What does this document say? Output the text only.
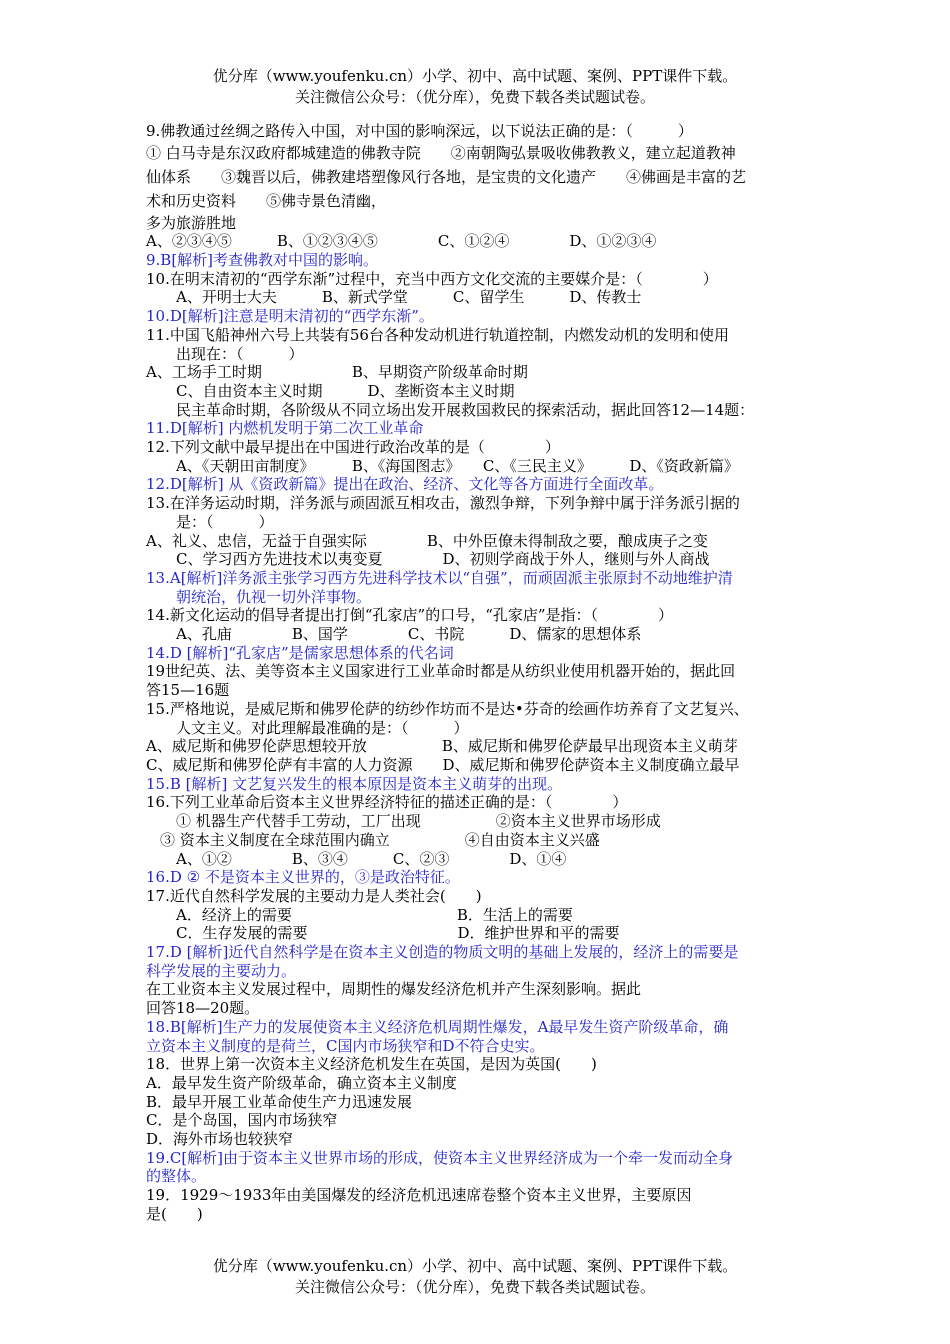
优分库（www.youfenku.cn）小学、初中、高中试题、案例、PPT课件下载。
关注微信公众号：（优分库），免费下载各类试题试卷。
9.佛教通过丝绸之路传入中国，对中国的影响深远，以下说法正确的是：（　　　）
① 白马寺是东汉政府都城建造的佛教寺院　　②南朝陶弘景吸收佛教教义，建立起道教神
仙体系　　③魏晋以后，佛教建塔塑像风行各地，是宝贵的文化遗产　　④佛画是丰富的艺
术和历史资料　　⑤佛寺景色清幽，
多为旅游胜地
A、②③④⑤　　　B、①②③④⑤　　　　C、①②④　　　　D、①②③④
9.B[解析]考查佛教对中国的影响。
10.在明末清初的“西学东渐”过程中，充当中西方文化交流的主要媒介是：（　　　　）
A、开明士大夫　　　B、新式学堂　　　C、留学生　　　D、传教士
10.D[解析]注意是明末清初的“西学东渐”。
11.中国飞船神州六号上共装有56台各种发动机进行轨道控制，内燃发动机的发明和使用
出现在：（　　　）
A、工场手工时期　　　　　　B、早期资产阶级革命时期
C、自由资本主义时期　　　D、垄断资本主义时期
民主革命时期，各阶级从不同立场出发开展救国救民的探索活动，据此回答12—14题：
11.D[解析] 内燃机发明于第二次工业革命
12.下列文献中最早提出在中国进行政治改革的是（　　　　）
A、《天朝田亩制度》　　　B、《海国图志》　　C、《三民主义》　　　D、《资政新篇》
12.D[解析] 从《资政新篇》提出在政治、经济、文化等各方面进行全面改革。
13.在洋务运动时期，洋务派与顽固派互相攻击，激烈争辩，下列争辩中属于洋务派引据的
是：（　　　）
A、礼义、忠信，无益于自强实际　　　　B、中外臣僚未得制敌之要，酿成庚子之变
C、学习西方先进技术以夷变夏　　　　D、初则学商战于外人，继则与外人商战
13.A[解析]洋务派主张学习西方先进科学技术以“自强”，而顽固派主张原封不动地维护清
朝统治，仇视一切外洋事物。
14.新文化运动的倡导者提出打倒“孔家店”的口号，“孔家店”是指：（　　　　）
A、孔庙　　　　B、国学　　　　C、书院　　　D、儒家的思想体系
14.D [解析]“孔家店”是儒家思想体系的代名词
19世纪英、法、美等资本主义国家进行工业革命时都是从纺织业使用机器开始的，据此回
答15—16题
15.严格地说，是威尼斯和佛罗伦萨的纺纱作坊而不是达•芬奇的绘画作坊养育了文艺复兴、
人文主义。对此理解最准确的是：（　　　）
A、威尼斯和佛罗伦萨思想较开放　　　　　B、威尼斯和佛罗伦萨最早出现资本主义萌芽
C、威尼斯和佛罗伦萨有丰富的人力资源　　D、威尼斯和佛罗伦萨资本主义制度确立最早
15.B [解析] 文艺复兴发生的根本原因是资本主义萌芽的出现。
16.下列工业革命后资本主义世界经济特征的描述正确的是：（　　　　）
① 机器生产代替手工劳动，工厂出现　　　　　②资本主义世界市场形成
③ 资本主义制度在全球范围内确立　　　　　④自由资本主义兴盛
A、①②　　　　B、③④　　　C、②③　　　　D、①④
16.D ② 不是资本主义世界的，③是政治特征。
17.近代自然科学发展的主要动力是人类社会(　　)
A．经济上的需要　　　　　　　　　　　B．生活上的需要
C．生存发展的需要　　　　　　　　　　D．维护世界和平的需要
17.D [解析]近代自然科学是在资本主义创造的物质文明的基础上发展的，经济上的需要是
科学发展的主要动力。
在工业资本主义发展过程中，周期性的爆发经济危机并产生深刻影响。据此
回答18—20题。
18.B[解析]生产力的发展使资本主义经济危机周期性爆发，A最早发生资产阶级革命，确
立资本主义制度的是荷兰，C国内市场狭窄和D不符合史实。
18．世界上第一次资本主义经济危机发生在英国，是因为英国(　　)
A．最早发生资产阶级革命，确立资本主义制度
B．最早开展工业革命使生产力迅速发展
C．是个岛国，国内市场狭窄
D．海外市场也较狭窄
19.C[解析]由于资本主义世界市场的形成，使资本主义世界经济成为一个牵一发而动全身
的整体。
19．1929～1933年由美国爆发的经济危机迅速席卷整个资本主义世界，主要原因
是(　　)
优分库（www.youfenku.cn）小学、初中、高中试题、案例、PPT课件下载。
关注微信公众号：（优分库），免费下载各类试题试卷。
